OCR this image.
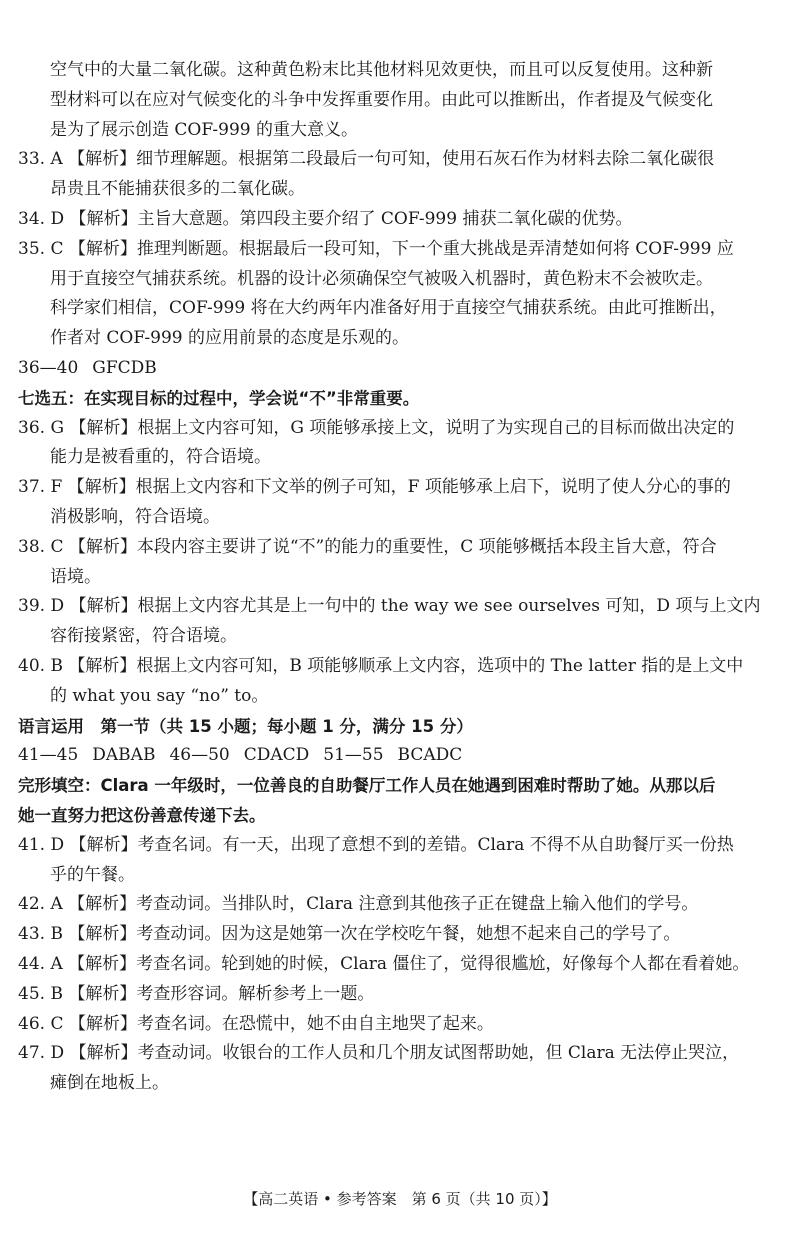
空气中的大量二氧化碳。这种黄色粉末比其他材料见效更快，而且可以反复使用。这种新
型材料可以在应对气候变化的斗争中发挥重要作用。由此可以推断出，作者提及气候变化
是为了展示创造 COF-999 的重大意义。
33. A 【解析】细节理解题。根据第二段最后一句可知，使用石灰石作为材料去除二氧化碳很
昂贵且不能捕获很多的二氧化碳。
34. D 【解析】主旨大意题。第四段主要介绍了 COF-999 捕获二氧化碳的优势。
35. C 【解析】推理判断题。根据最后一段可知，下一个重大挑战是弄清楚如何将 COF-999 应
用于直接空气捕获系统。机器的设计必须确保空气被吸入机器时，黄色粉末不会被吹走。
科学家们相信，COF-999 将在大约两年内准备好用于直接空气捕获系统。由此可推断出，
作者对 COF-999 的应用前景的态度是乐观的。
36—40 GFCDB
七选五：在实现目标的过程中，学会说“不”非常重要。
36. G 【解析】根据上文内容可知，G 项能够承接上文，说明了为实现自己的目标而做出决定的
能力是被看重的，符合语境。
37. F 【解析】根据上文内容和下文举的例子可知，F 项能够承上启下，说明了使人分心的事的
消极影响，符合语境。
38. C 【解析】本段内容主要讲了说“不”的能力的重要性，C 项能够概括本段主旨大意，符合
语境。
39. D 【解析】根据上文内容尤其是上一句中的 the way we see ourselves 可知，D 项与上文内
容衔接紧密，符合语境。
40. B 【解析】根据上文内容可知，B 项能够顺承上文内容，选项中的 The latter 指的是上文中
的 what you say “no” to。
语言运用　第一节（共 15 小题；每小题 1 分，满分 15 分）
41—45 DABAB 46—50 CDACD 51—55 BCADC
完形填空：Clara 一年级时，一位善良的自助餐厅工作人员在她遇到困难时帮助了她。从那以后
她一直努力把这份善意传递下去。
41. D 【解析】考查名词。有一天，出现了意想不到的差错。Clara 不得不从自助餐厅买一份热
乎的午餐。
42. A 【解析】考查动词。当排队时，Clara 注意到其他孩子正在键盘上输入他们的学号。
43. B 【解析】考查动词。因为这是她第一次在学校吃午餐，她想不起来自己的学号了。
44. A 【解析】考查名词。轮到她的时候，Clara 僵住了，觉得很尴尬，好像每个人都在看着她。
45. B 【解析】考查形容词。解析参考上一题。
46. C 【解析】考查名词。在恐慌中，她不由自主地哭了起来。
47. D 【解析】考查动词。收银台的工作人员和几个朋友试图帮助她，但 Clara 无法停止哭泣，
瘫倒在地板上。
【高二英语 • 参考答案　第 6 页（共 10 页）】
